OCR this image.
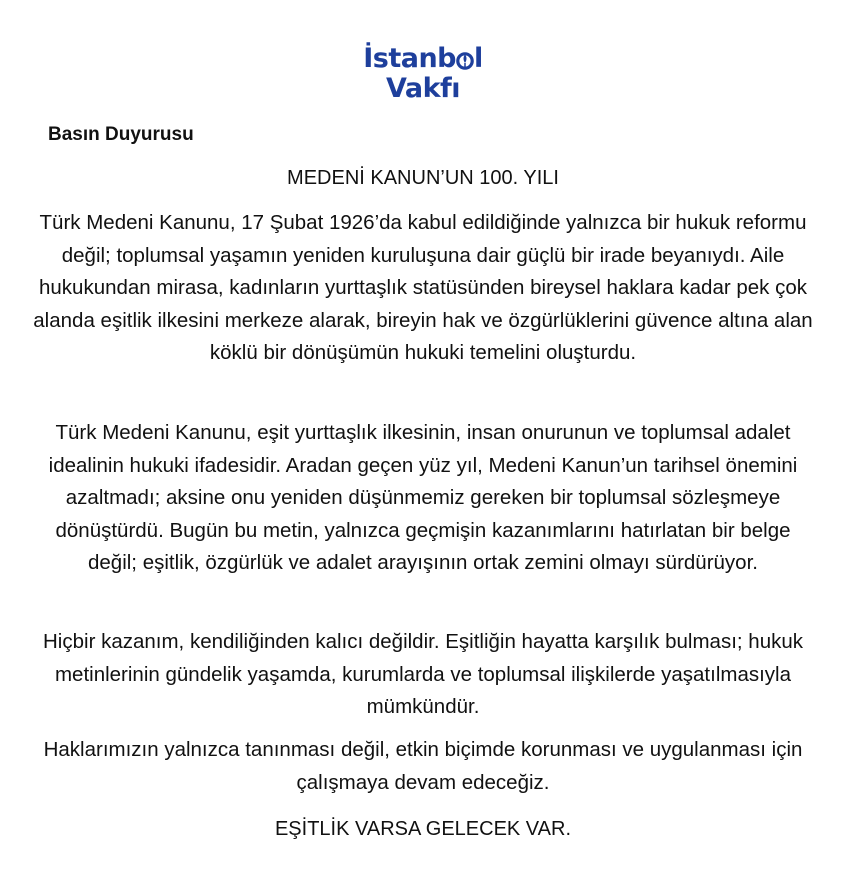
İstanb l
Vakfı

Basın Duyurusu

MEDENİ KANUN’UN 100. YILI

Türk Medeni Kanunu, 17 Şubat 1926’da kabul edildiğinde yalnızca bir hukuk reformu değil; toplumsal yaşamın yeniden kuruluşuna dair güçlü bir irade beyanıydı. Aile hukukundan mirasa, kadınların yurttaşlık statüsünden bireysel haklara kadar pek çok alanda eşitlik ilkesini merkeze alarak, bireyin hak ve özgürlüklerini güvence altına alan köklü bir dönüşümün hukuki temelini oluşturdu.

Türk Medeni Kanunu, eşit yurttaşlık ilkesinin, insan onurunun ve toplumsal adalet idealinin hukuki ifadesidir. Aradan geçen yüz yıl, Medeni Kanun’un tarihsel önemini azaltmadı; aksine onu yeniden düşünmemiz gereken bir toplumsal sözleşmeye dönüştürdü. Bugün bu metin, yalnızca geçmişin kazanımlarını hatırlatan bir belge değil; eşitlik, özgürlük ve adalet arayışının ortak zemini olmayı sürdürüyor.

Hiçbir kazanım, kendiliğinden kalıcı değildir. Eşitliğin hayatta karşılık bulması; hukuk metinlerinin gündelik yaşamda, kurumlarda ve toplumsal ilişkilerde yaşatılmasıyla mümkündür.

Haklarımızın yalnızca tanınması değil, etkin biçimde korunması ve uygulanması için çalışmaya devam edeceğiz.

EŞİTLİK VARSA GELECEK VAR.
